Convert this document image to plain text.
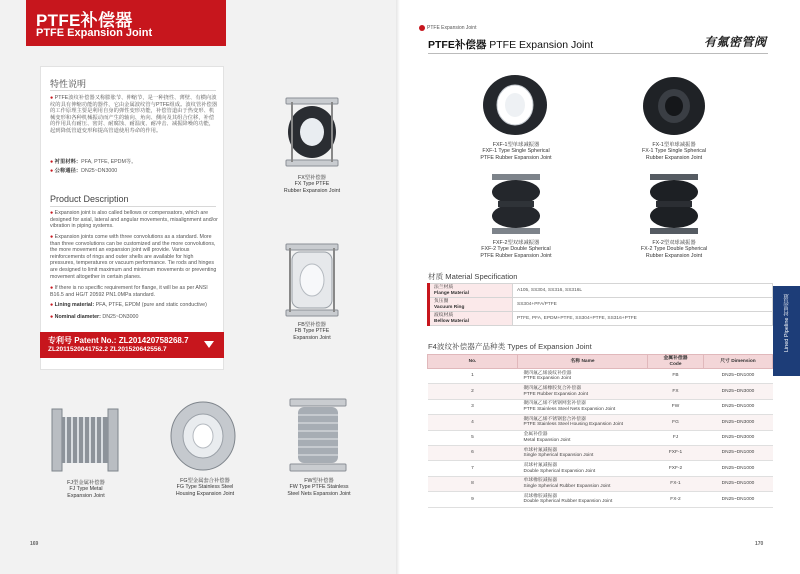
PTFE补偿器
PTFE Expansion Joint
特性说明
● PTFE波纹补偿器又称膨胀节、伸缩节，是一种挠性、薄壁、有横向波纹的具有伸缩功能的器件，它由金属波纹管与PTFE组成。波纹管补偿器的工作原理主要是利用自身的弹性变形功能，补偿管道由于热变形、机械变形和各种机械振动而产生的轴向、角向、侧向及其组合位移，补偿的作用具有耐压、密封、耐腐蚀、耐温度、耐冲击、减振降噪的功能，起到降低管道变形和提高管道使用寿命的作用。
● 衬里材料：PFA, PTFE, EPDM等。
● 公称通径：DN25~DN3000
Product Description
● Expansion joint is also called bellows or compensators, which are designed for axial, lateral and angular movements, misalignment and/or vibration in piping systems.
● Expansion joints come with three convolutions as a standard. More than three convolutions can be customized and the more convolutions, the more movement an expansion joint will provide. Various reinforcements of rings and outer shells are available for high pressures, temperatures or vacuum performance. Tie rods and hinges are designed to limit maximum and minimum movements or preventing movement altogether in certain planes.
● If there is no specific requirement for flange, it will be as per ANSI B16.5 and HG/T 20592 PN1.0MPa standard.
● Lining material: PFA, PTFE, EPDM (pure and static conductive)
● Nominal diameter: DN25~DN3000
专利号 Patent No.: ZL201420758268.7
ZL2011520041752.2 ZL201520642556.7
FX型补偿器
FX Type PTFE
Rubber Expansion Joint
FB型补偿器
FB Type PTFE
Expansion Joint
FJ型金属补偿器
FJ Type Metal
Expansion Joint
FG型金属套合补偿器
FG Type Stainless Steel
Housing Expansion Joint
FW型补偿器
FW Type PTFE Stainless
Steel Nets Expansion Joint
169
PTFE Expansion Joint
PTFE补偿器 PTFE Expansion Joint	有氟密管阀
FXF-1型单球减振器
FXF-1 Type Single Spherical
PTFE Rubber Expansion Joint
FX-1型单球减振器
FX-1 Type Single Spherical
Rubber Expansion Joint
FXF-2型双球减振器
FXF-2 Type Double Spherical
PTFE Rubber Expansion Joint
FX-2型双球减振器
FX-2 Type Double Spherical
Rubber Expansion Joint
材质 Material Specification
法兰材质
Flange Material	A105, SS304, SS316, SS316L

负压圈
Vacuum Ring	SS304+PFA/PTFE

波纹材质
Bellow Material	PTFE, PFA, EPDM+PTFE, SS304+PTFE, SS316+PTFE
F4波纹补偿器产品种类 Types of Expansion Joint
No.	名称 Name	金属补偿器
Code	尺寸 Dimension
1	聚四氟乙烯波纹补偿器
PTFE Expansion Joint	FB	DN25~DN1000
2	聚四氟乙烯橡胶复合补偿器
PTFE Rubber Expansion Joint	FX	DN25~DN3000
3	聚四氟乙烯不锈钢网套补偿器
PTFE Stainless Steel Nets Expansion Joint	FW	DN25~DN1000
4	聚四氟乙烯不锈钢套合补偿器
PTFE Stainless Steel Housing Expansion Joint	FG	DN25~DN3000
5	金属补偿器
Metal Expansion Joint	FJ	DN25~DN3000
6	单球衬氟减振器
Single Spherical Expansion Joint	FXF-1	DN25~DN1000
7	双球衬氟减振器
Double Spherical Expansion Joint	FXF-2	DN25~DN1000
8	单球橡胶减振器
Single Spherical Rubber Expansion Joint	FX-1	DN25~DN1000
9	双球橡胶减振器
Double Spherical Rubber Expansion Joint	FX-2	DN25~DN1000
Lined Pipeline 衬里管道
170
